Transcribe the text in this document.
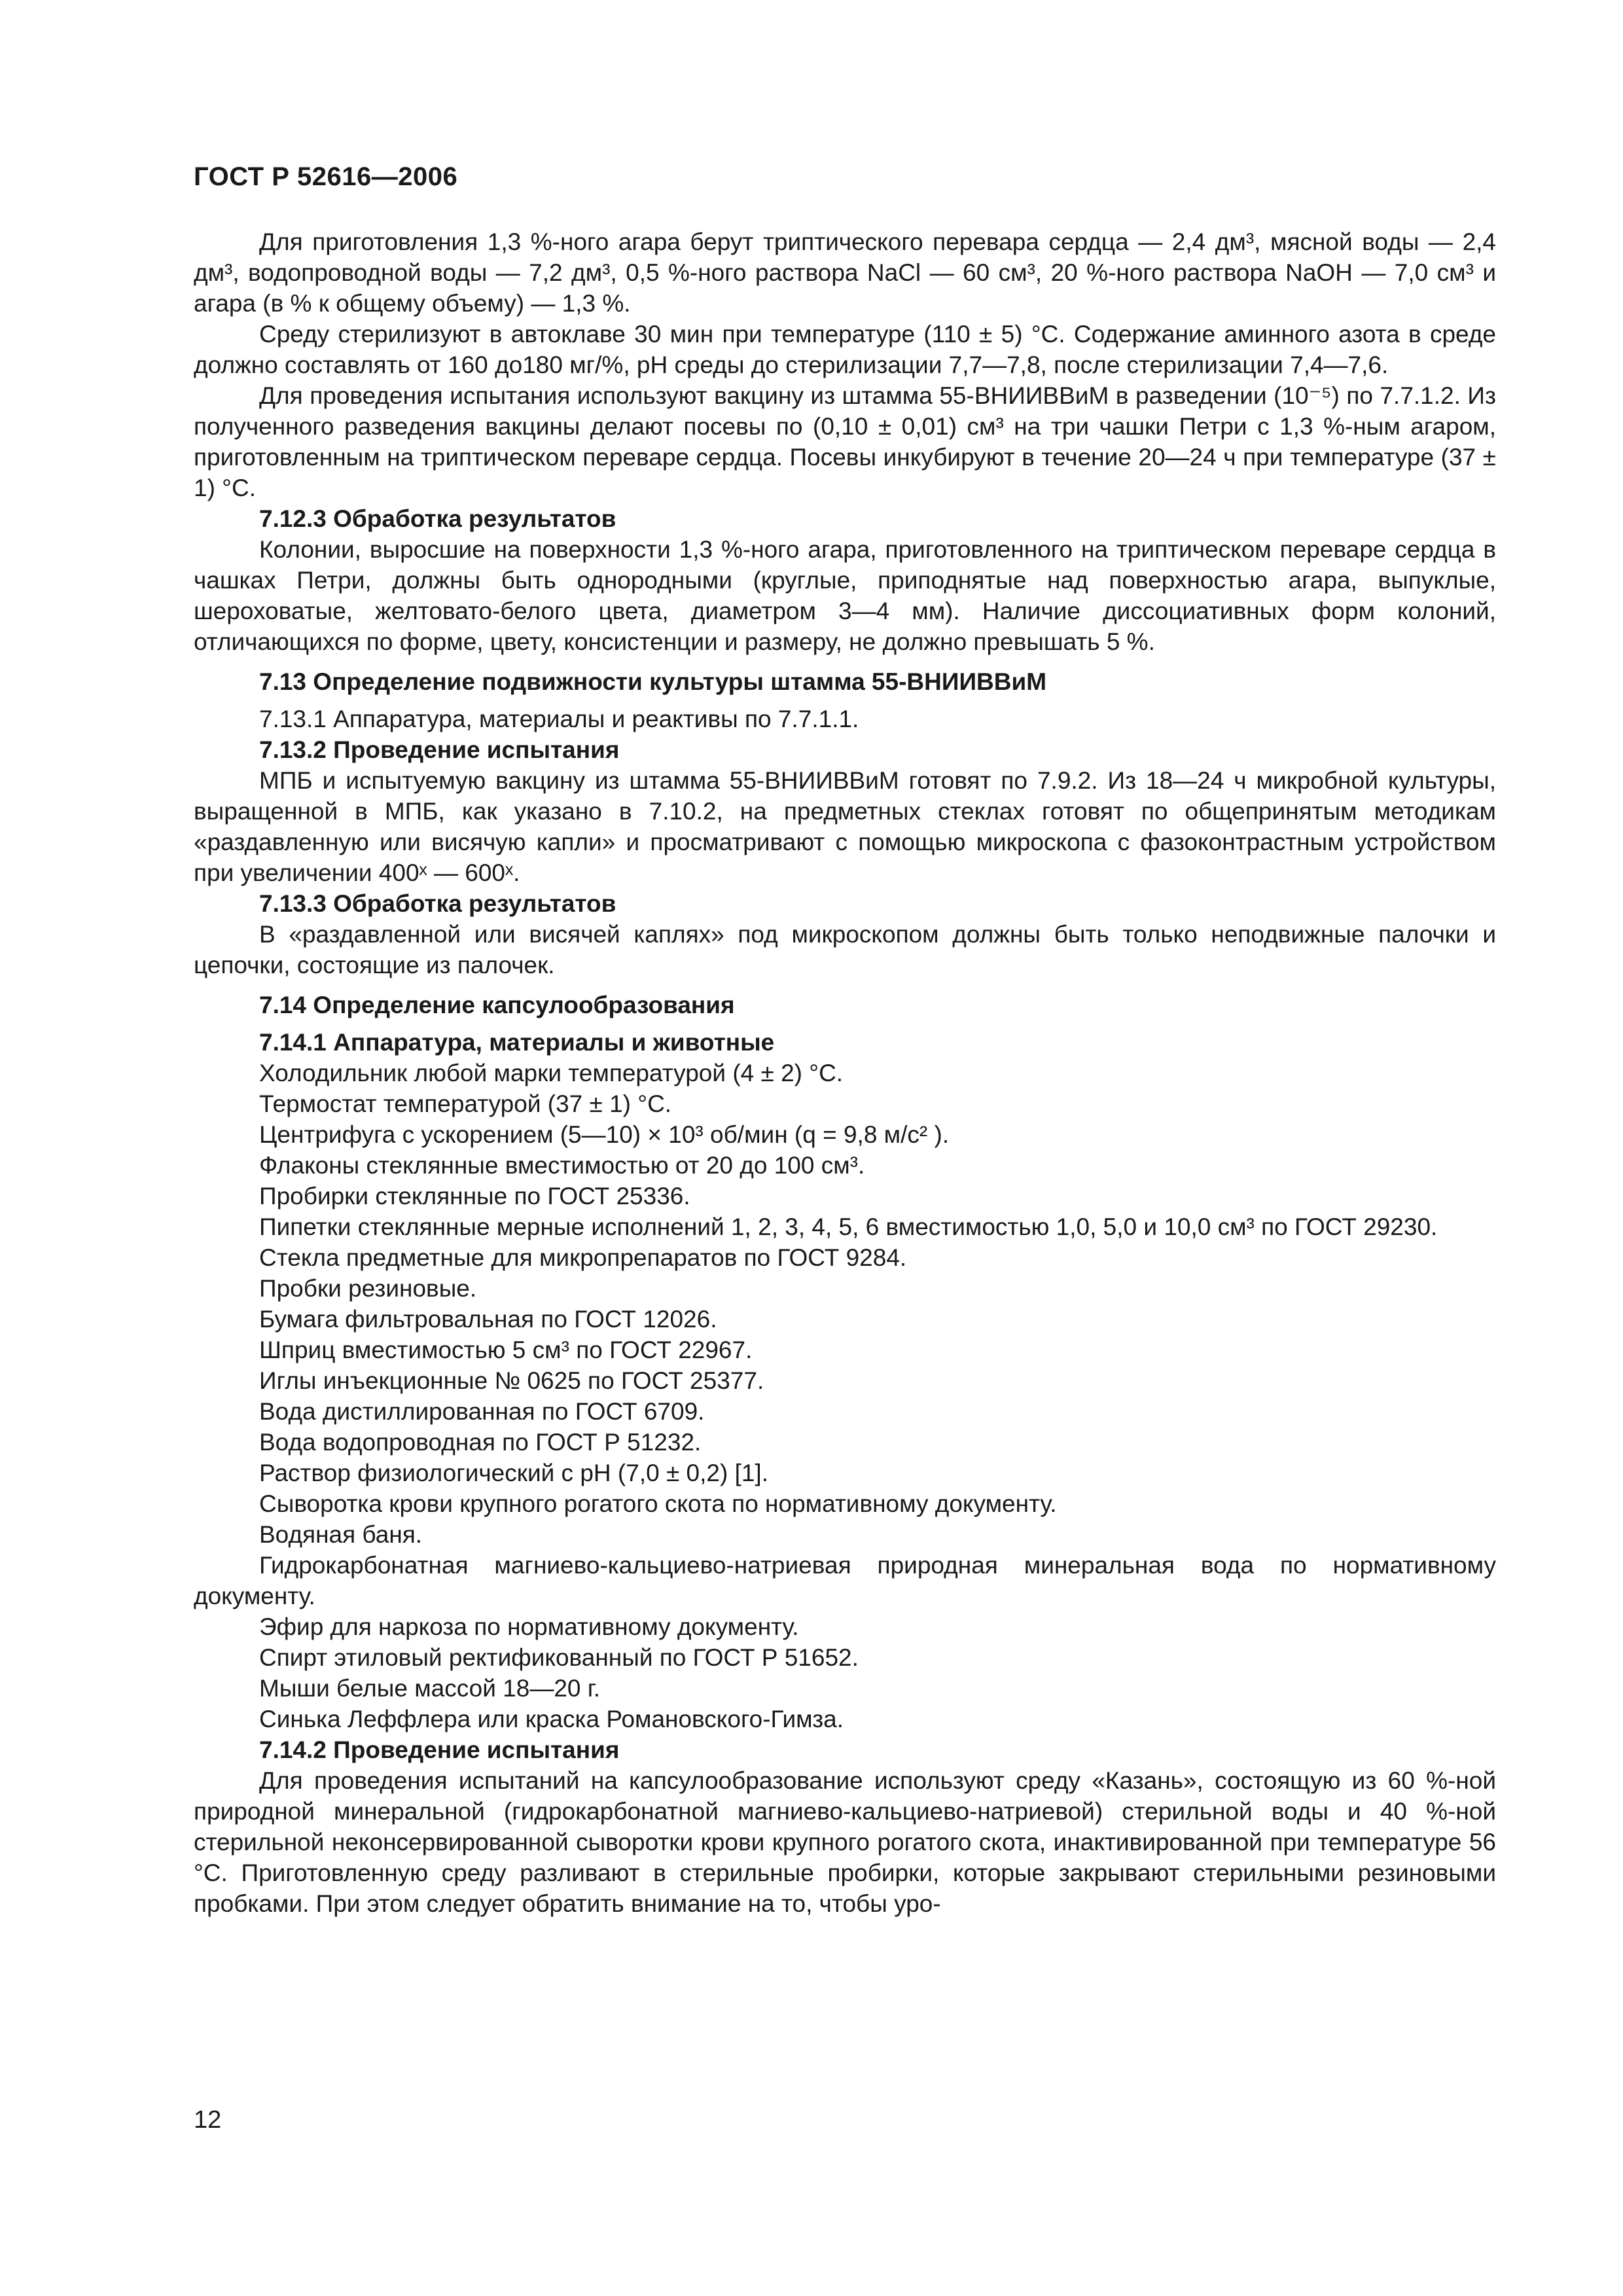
ГОСТ Р 52616—2006

Для приготовления 1,3 %-ного агара берут триптического перевара сердца — 2,4 дм³, мясной воды — 2,4 дм³, водопроводной воды — 7,2 дм³, 0,5 %-ного раствора NaCl — 60 см³, 20 %-ного раствора NaOH — 7,0 см³ и агара (в % к общему объему) — 1,3 %.

Среду стерилизуют в автоклаве 30 мин при температуре (110 ± 5) °С. Содержание аминного азота в среде должно составлять от 160 до180 мг/%, pH среды до стерилизации 7,7—7,8, после стерилизации 7,4—7,6.

Для проведения испытания используют вакцину из штамма 55-ВНИИВВиМ в разведении (10⁻⁵) по 7.7.1.2. Из полученного разведения вакцины делают посевы по (0,10 ± 0,01) см³ на три чашки Петри с 1,3 %-ным агаром, приготовленным на триптическом переваре сердца. Посевы инкубируют в течение 20—24 ч при температуре (37 ± 1) °С.

7.12.3 Обработка результатов

Колонии, выросшие на поверхности 1,3 %-ного агара, приготовленного на триптическом переваре сердца в чашках Петри, должны быть однородными (круглые, приподнятые над поверхностью агара, выпуклые, шероховатые, желтовато-белого цвета, диаметром 3—4 мм). Наличие диссоциативных форм колоний, отличающихся по форме, цвету, консистенции и размеру, не должно превышать 5 %.

7.13 Определение подвижности культуры штамма 55-ВНИИВВиМ

7.13.1 Аппаратура, материалы и реактивы по 7.7.1.1.

7.13.2 Проведение испытания

МПБ и испытуемую вакцину из штамма 55-ВНИИВВиМ готовят по 7.9.2. Из 18—24 ч микробной культуры, выращенной в МПБ, как указано в 7.10.2, на предметных стеклах готовят по общепринятым методикам «раздавленную или висячую капли» и просматривают с помощью микроскопа с фазоконтрастным устройством при увеличении 400ˣ — 600ˣ.

7.13.3 Обработка результатов

В «раздавленной или висячей каплях» под микроскопом должны быть только неподвижные палочки и цепочки, состоящие из палочек.

7.14 Определение капсулообразования

7.14.1 Аппаратура, материалы и животные

Холодильник любой марки температурой (4 ± 2) °С.

Термостат температурой (37 ± 1) °С.

Центрифуга с ускорением (5—10) × 10³ об/мин (q = 9,8 м/с² ).

Флаконы стеклянные вместимостью от 20 до 100 см³.

Пробирки стеклянные по ГОСТ 25336.

Пипетки стеклянные мерные исполнений 1, 2, 3, 4, 5, 6 вместимостью 1,0, 5,0 и 10,0 см³ по ГОСТ 29230.

Стекла предметные для микропрепаратов по ГОСТ 9284.

Пробки резиновые.

Бумага фильтровальная по ГОСТ 12026.

Шприц вместимостью 5 см³ по ГОСТ 22967.

Иглы инъекционные № 0625 по ГОСТ 25377.

Вода дистиллированная по ГОСТ 6709.

Вода водопроводная по ГОСТ Р 51232.

Раствор физиологический с pH (7,0 ± 0,2) [1].

Сыворотка крови крупного рогатого скота по нормативному документу.

Водяная баня.

Гидрокарбонатная магниево-кальциево-натриевая природная минеральная вода по нормативному документу.

Эфир для наркоза по нормативному документу.

Спирт этиловый ректификованный по ГОСТ Р 51652.

Мыши белые массой 18—20 г.

Синька Леффлера или краска Романовского-Гимза.

7.14.2 Проведение испытания

Для проведения испытаний на капсулообразование используют среду «Казань», состоящую из 60 %-ной природной минеральной (гидрокарбонатной магниево-кальциево-натриевой) стерильной воды и 40 %-ной стерильной неконсервированной сыворотки крови крупного рогатого скота, инактивированной при температуре 56 °С. Приготовленную среду разливают в стерильные пробирки, которые закрывают стерильными резиновыми пробками. При этом следует обратить внимание на то, чтобы уро-

12
